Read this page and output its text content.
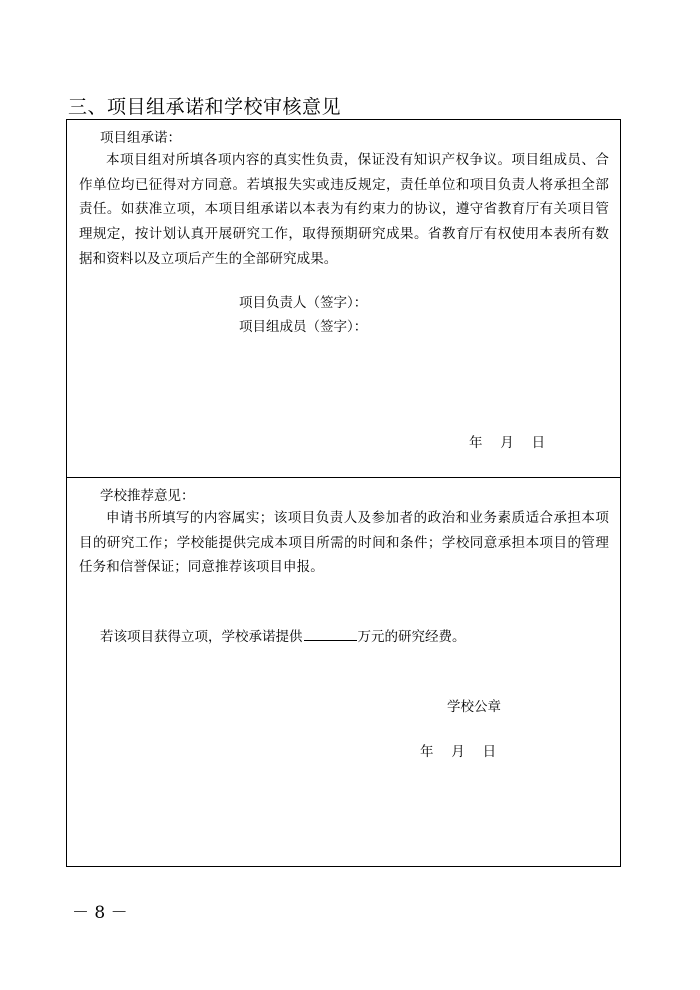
三、项目组承诺和学校审核意见
项目组承诺：
本项目组对所填各项内容的真实性负责，保证没有知识产权争议。项目组成员、合作单位均已征得对方同意。若填报失实或违反规定，责任单位和项目负责人将承担全部责任。如获准立项，本项目组承诺以本表为有约束力的协议，遵守省教育厅有关项目管理规定，按计划认真开展研究工作，取得预期研究成果。省教育厅有权使用本表所有数据和资料以及立项后产生的全部研究成果。
项目负责人（签字）：
项目组成员（签字）：
年　 月　 日
学校推荐意见：
申请书所填写的内容属实；该项目负责人及参加者的政治和业务素质适合承担本项目的研究工作；学校能提供完成本项目所需的时间和条件；学校同意承担本项目的管理任务和信誉保证；同意推荐该项目申报。
若该项目获得立项，学校承诺提供	万元的研究经费。
学校公章
年　 月　 日
－ 8 －
